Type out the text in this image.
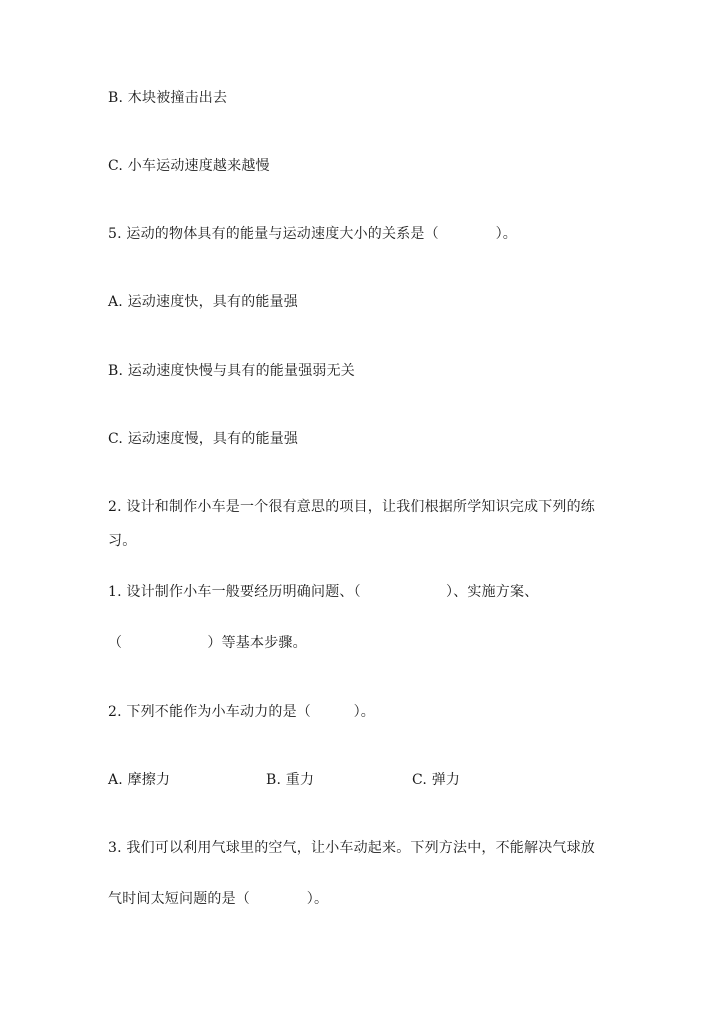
B. 木块被撞击出去
C. 小车运动速度越来越慢
5. 运动的物体具有的能量与运动速度大小的关系是（　　　　）。
A. 运动速度快，具有的能量强
B. 运动速度快慢与具有的能量强弱无关
C. 运动速度慢，具有的能量强
2. 设计和制作小车是一个很有意思的项目，让我们根据所学知识完成下列的练
习。
1. 设计制作小车一般要经历明确问题、（　　　　　　）、实施方案、
（　　　　　　）等基本步骤。
2. 下列不能作为小车动力的是（　　　）。

A. 摩擦力

	B. 重力

	C. 弹力

3. 我们可以利用气球里的空气，让小车动起来。下列方法中，不能解决气球放
气时间太短问题的是（　　　　）。
